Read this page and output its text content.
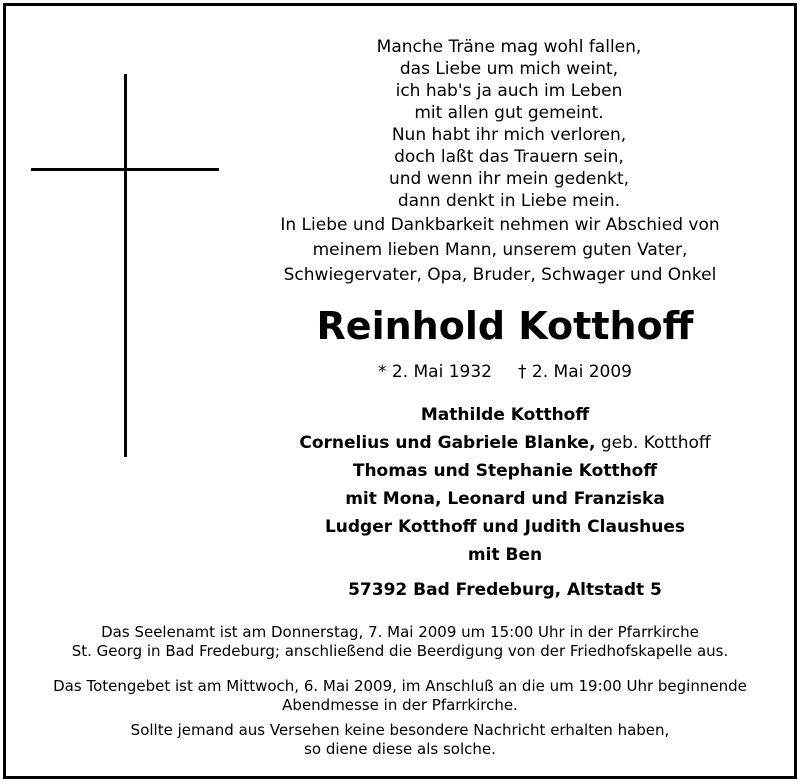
Manche Träne mag wohl fallen,
das Liebe um mich weint,
ich hab's ja auch im Leben
mit allen gut gemeint.
Nun habt ihr mich verloren,
doch laßt das Trauern sein,
und wenn ihr mein gedenkt,
dann denkt in Liebe mein.
In Liebe und Dankbarkeit nehmen wir Abschied von
meinem lieben Mann, unserem guten Vater,
Schwiegervater, Opa, Bruder, Schwager und Onkel
Reinhold Kotthoff
* 2. Mai 1932 † 2. Mai 2009
Mathilde Kotthoff
Cornelius und Gabriele Blanke, geb. Kotthoff
Thomas und Stephanie Kotthoff
mit Mona, Leonard und Franziska
Ludger Kotthoff und Judith Claushues
mit Ben
57392 Bad Fredeburg, Altstadt 5
Das Seelenamt ist am Donnerstag, 7. Mai 2009 um 15:00 Uhr in der Pfarrkirche
St. Georg in Bad Fredeburg; anschließend die Beerdigung von der Friedhofskapelle aus.
Das Totengebet ist am Mittwoch, 6. Mai 2009, im Anschluß an die um 19:00 Uhr beginnende
Abendmesse in der Pfarrkirche.
Sollte jemand aus Versehen keine besondere Nachricht erhalten haben,
so diene diese als solche.
